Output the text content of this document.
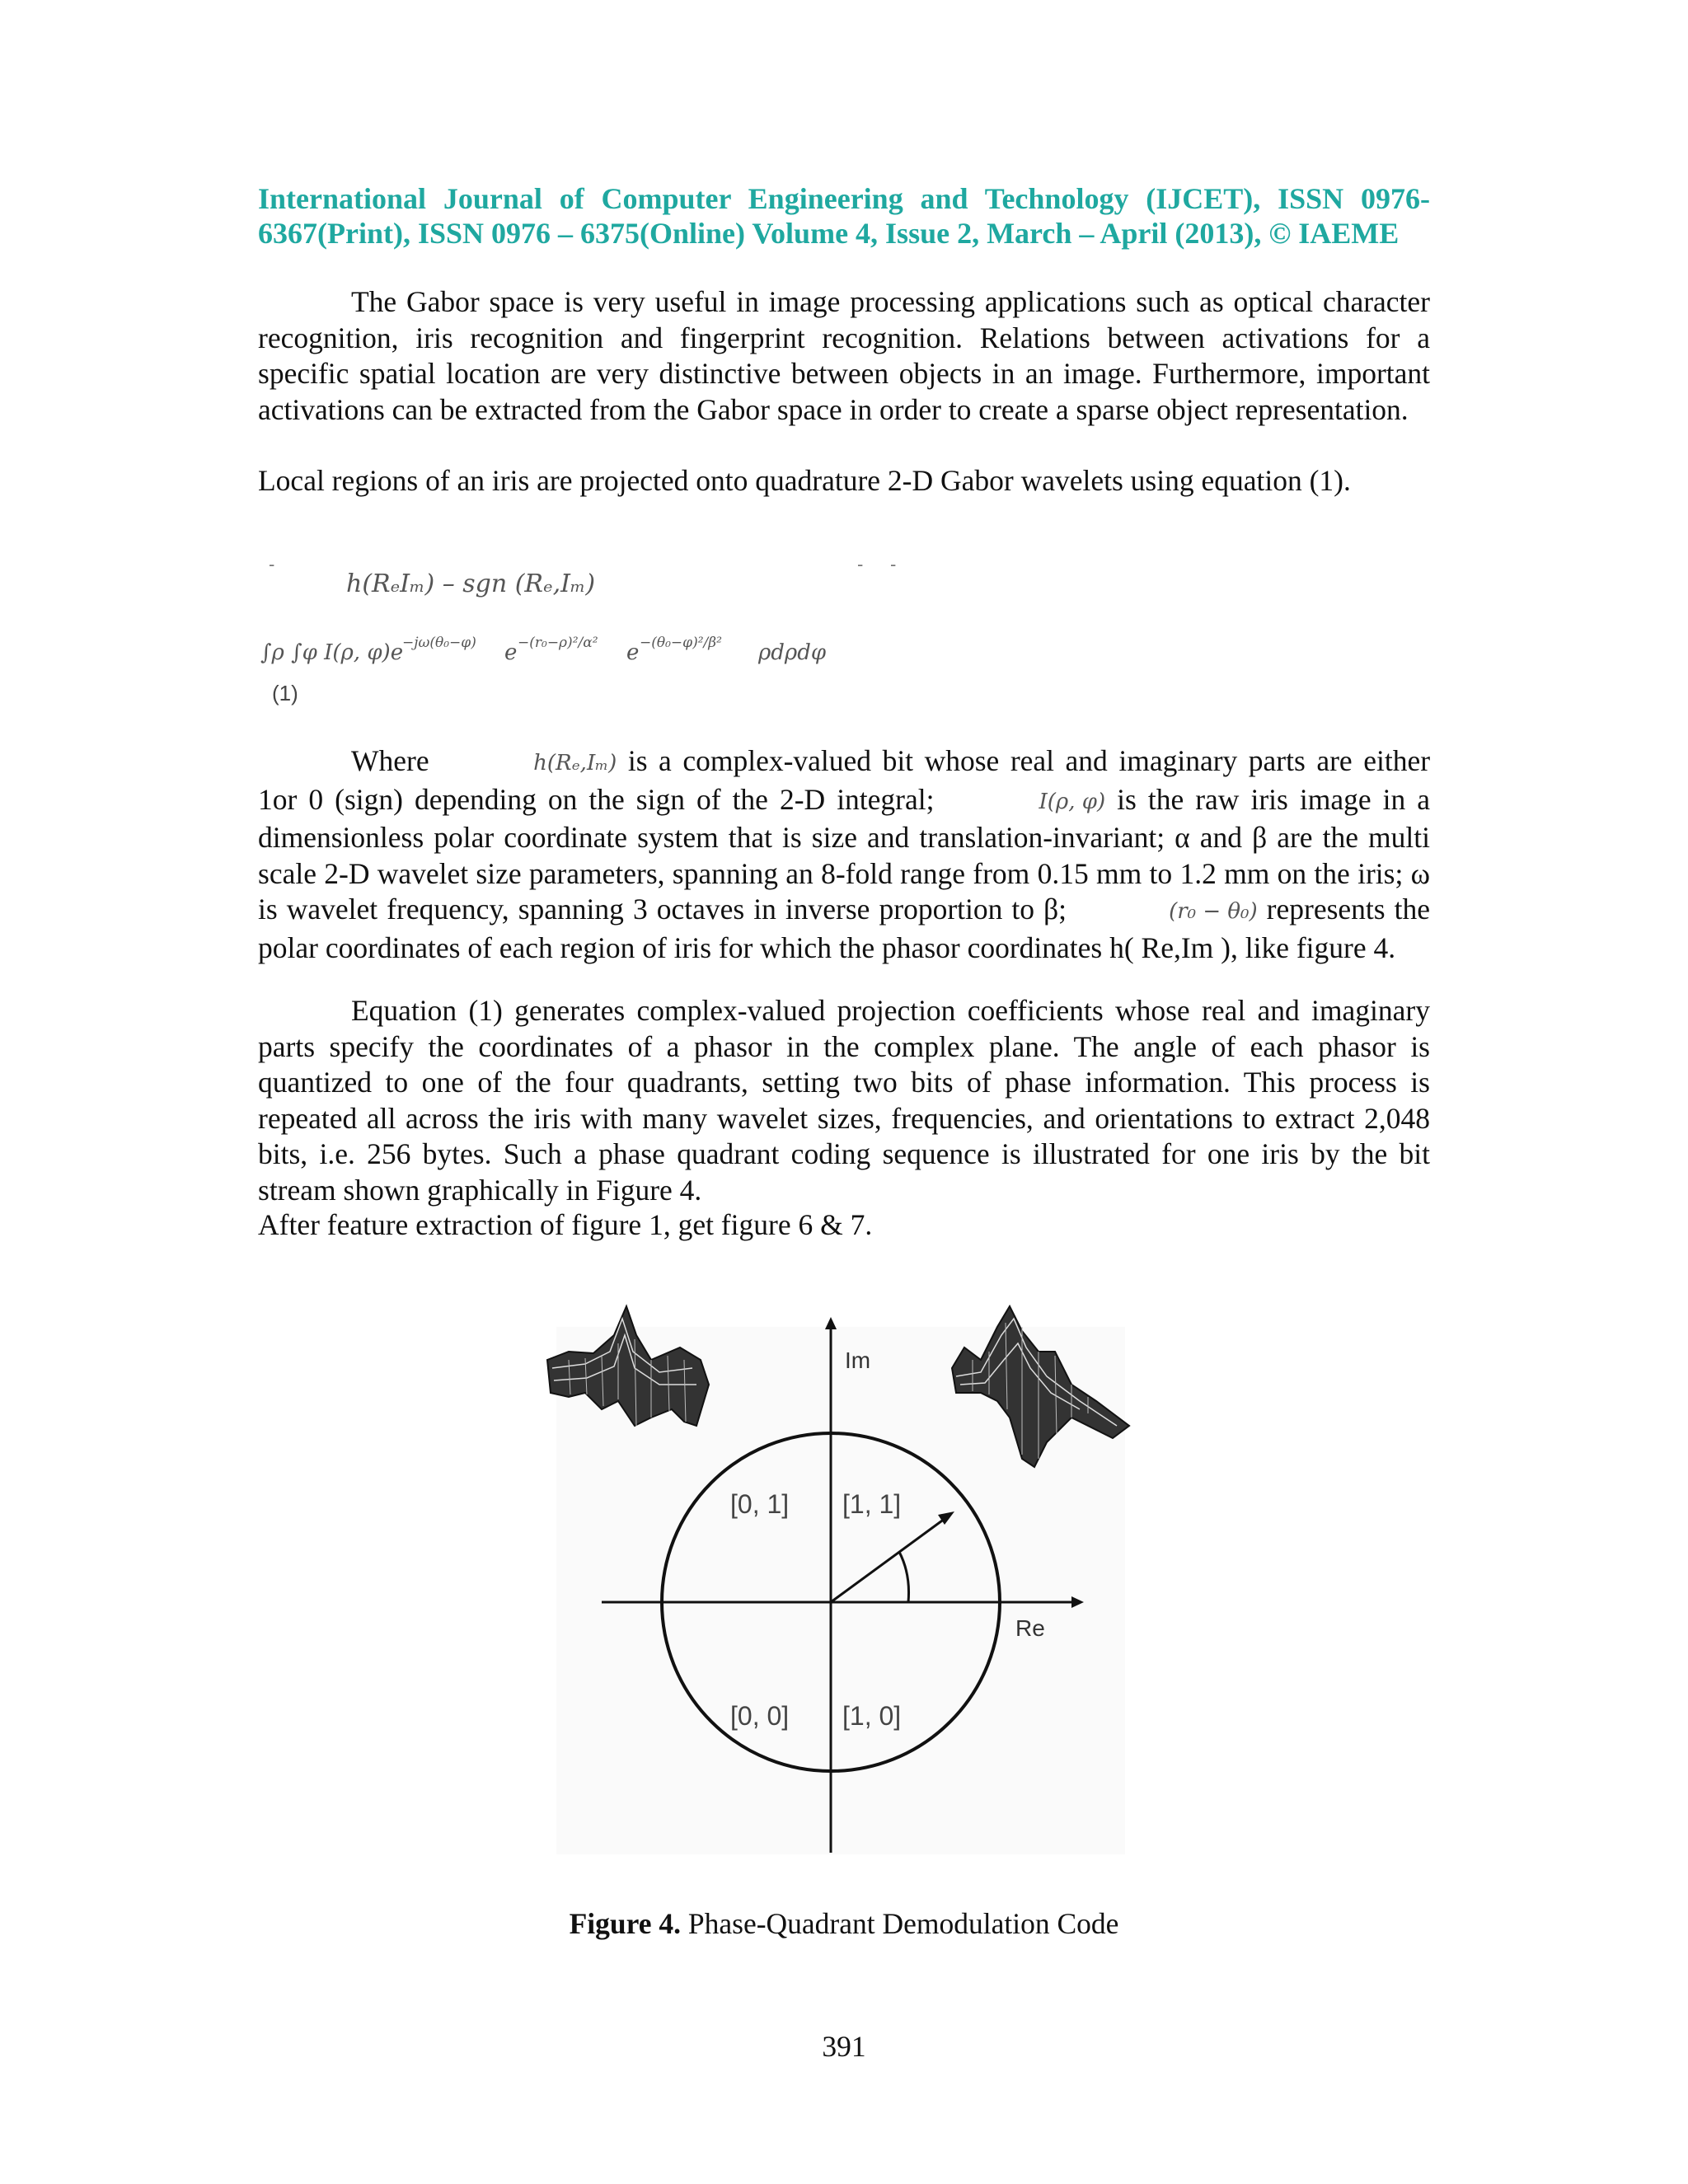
International Journal of Computer Engineering and Technology (IJCET), ISSN 0976-6367(Print), ISSN 0976 – 6375(Online) Volume 4, Issue 2, March – April (2013), © IAEME
The Gabor space is very useful in image processing applications such as optical character recognition, iris recognition and fingerprint recognition. Relations between activations for a specific spatial location are very distinctive between objects in an image. Furthermore, important activations can be extracted from the Gabor space in order to create a sparse object representation.
Local regions of an iris are projected onto quadrature 2-D Gabor wavelets using equation (1).
-	- -
h(RₑIₘ) – sgn (Rₑ,Iₘ)
∫ρ ∫φ I(ρ, φ)e
−jω(θ₀−φ) e −(r₀−ρ)²/α² e −(θ₀−φ)²/β² ρdρdφ
(1)
Where	h(Rₑ,Iₘ) is a complex-valued bit whose real and imaginary parts are either 1or 0 (sign) depending on the sign of the 2-D integral;	I(ρ, φ) is the raw iris image in a dimensionless polar coordinate system that is size and translation-invariant; α and β are the multi scale 2-D wavelet size parameters, spanning an 8-fold range from 0.15 mm to 1.2 mm on the iris; ω is wavelet frequency, spanning 3 octaves in inverse proportion to β;	(r₀ − θ₀) represents the polar coordinates of each region of iris for which the phasor coordinates h( Re,Im ), like figure 4.
Equation (1) generates complex-valued projection coefficients whose real and imaginary parts specify the coordinates of a phasor in the complex plane. The angle of each phasor is quantized to one of the four quadrants, setting two bits of phase information. This process is repeated all across the iris with many wavelet sizes, frequencies, and orientations to extract 2,048 bits, i.e. 256 bytes. Such a phase quadrant coding sequence is illustrated for one iris by the bit stream shown graphically in Figure 4.
After feature extraction of figure 1, get figure 6 & 7.
Im
Re
[0, 1] [1, 1]
[0, 0] [1, 0]
Figure 4. Phase-Quadrant Demodulation Code
391
